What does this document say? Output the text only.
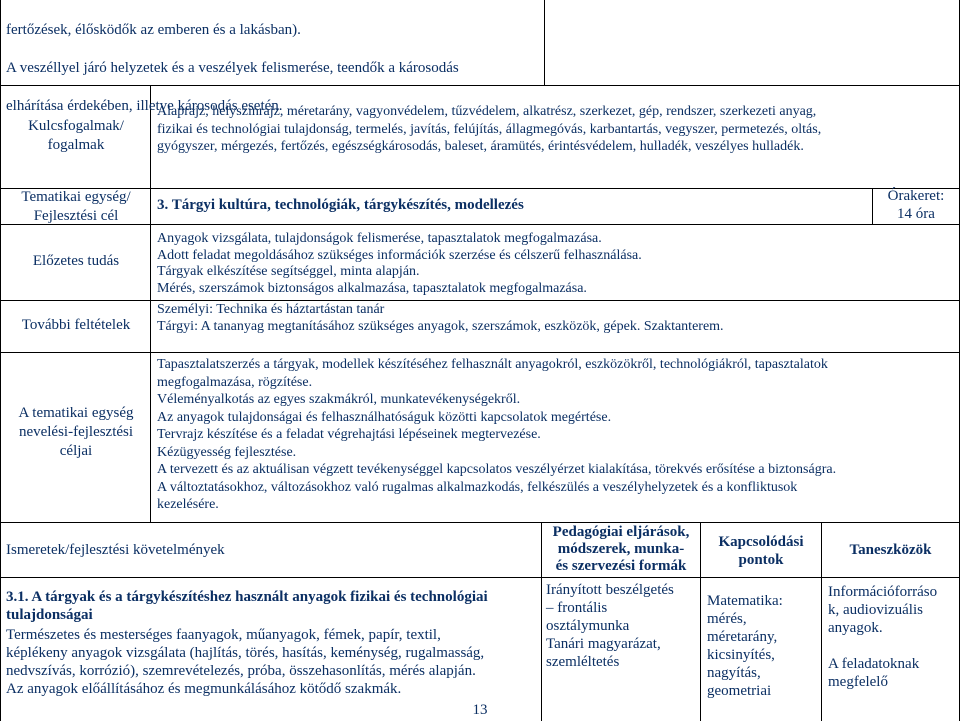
fertőzések, élősködők az emberen és a lakásban).

A veszéllyel járó helyzetek és a veszélyek felismerése, teendők a károsodás

elhárítása érdekében, illetve károsodás esetén.

Kulcsfogalmak/
fogalmak
Alaprajz, helyszínrajz, méretarány, vagyonvédelem, tűzvédelem, alkatrész, szerkezet, gép, rendszer, szerkezeti anyag,
fizikai és technológiai tulajdonság, termelés, javítás, felújítás, állagmegóvás, karbantartás, vegyszer, permetezés, oltás,
gyógyszer, mérgezés, fertőzés, egészségkárosodás, baleset, áramütés, érintésvédelem, hulladék, veszélyes hulladék.
Tematikai egység/
Fejlesztési cél
3. Tárgyi kultúra, technológiák, tárgykészítés, modellezés
Órakeret:
14 óra
Előzetes tudás
Anyagok vizsgálata, tulajdonságok felismerése, tapasztalatok megfogalmazása.
Adott feladat megoldásához szükséges információk szerzése és célszerű felhasználása.
Tárgyak elkészítése segítséggel, minta alapján.
Mérés, szerszámok biztonságos alkalmazása, tapasztalatok megfogalmazása.
További feltételek
Személyi: Technika és háztartástan tanár
Tárgyi: A tananyag megtanításához szükséges anyagok, szerszámok, eszközök, gépek. Szaktanterem.
A tematikai egység
nevelési-fejlesztési
céljai
Tapasztalatszerzés a tárgyak, modellek készítéséhez felhasznált anyagokról, eszközökről, technológiákról, tapasztalatok
megfogalmazása, rögzítése.
Véleményalkotás az egyes szakmákról, munkatevékenységekről.
Az anyagok tulajdonságai és felhasználhatóságuk közötti kapcsolatok megértése.
Tervrajz készítése és a feladat végrehajtási lépéseinek megtervezése.
Kézügyesség fejlesztése.
A tervezett és az aktuálisan végzett tevékenységgel kapcsolatos veszélyérzet kialakítása, törekvés erősítése a biztonságra.
A változtatásokhoz, változásokhoz való rugalmas alkalmazkodás, felkészülés a veszélyhelyzetek és a konfliktusok
kezelésére.
Ismeretek/fejlesztési követelmények
Pedagógiai eljárások,
módszerek, munka-
és szervezési formák
Kapcsolódási
pontok
Taneszközök
3.1. A tárgyak és a tárgykészítéshez használt anyagok fizikai és technológiai
tulajdonságai
Természetes és mesterséges faanyagok, műanyagok, fémek, papír, textil,
képlékeny anyagok vizsgálata (hajlítás, törés, hasítás, keménység, rugalmasság,
nedvszívás, korrózió), szemrevételezés, próba, összehasonlítás, mérés alapján.
Az anyagok előállításához és megmunkálásához kötődő szakmák.
Irányított beszélgetés
– frontális
osztálymunka
Tanári magyarázat,
szemléltetés
Matematika:
mérés,
méretarány,
kicsinyítés,
nagyítás,
geometriai
Információforráso
k, audiovizuális
anyagok.

A feladatoknak
megfelelő
13
